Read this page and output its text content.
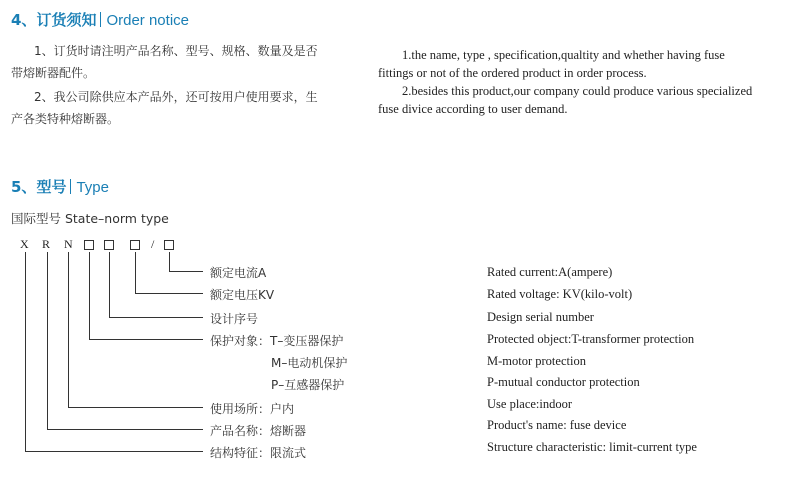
4、订货须知 Order notice
1、订货时请注明产品名称、型号、规格、数量及是否
带熔断器配件。
2、我公司除供应本产品外，还可按用户使用要求，生
产各类特种熔断器。
1.the name, type , specification,qualtity and whether having fuse
fittings or not of the ordered product in order process.
2.besides this product,our company could produce various specialized
fuse divice according to user demand.
5、型号 Type
国际型号 State–norm type
X R N	/
额定电流A
额定电压KV
设计序号
保护对象：T–变压器保护
M–电动机保护
P–互感器保护
使用场所：户内
产品名称：熔断器
结构特征：限流式
Rated current:A(ampere)
Rated voltage: KV(kilo-volt)
Design serial number
Protected object:T-transformer protection
M-motor protection
P-mutual conductor protection
Use place:indoor
Product's name: fuse device
Structure characteristic: limit-current type
